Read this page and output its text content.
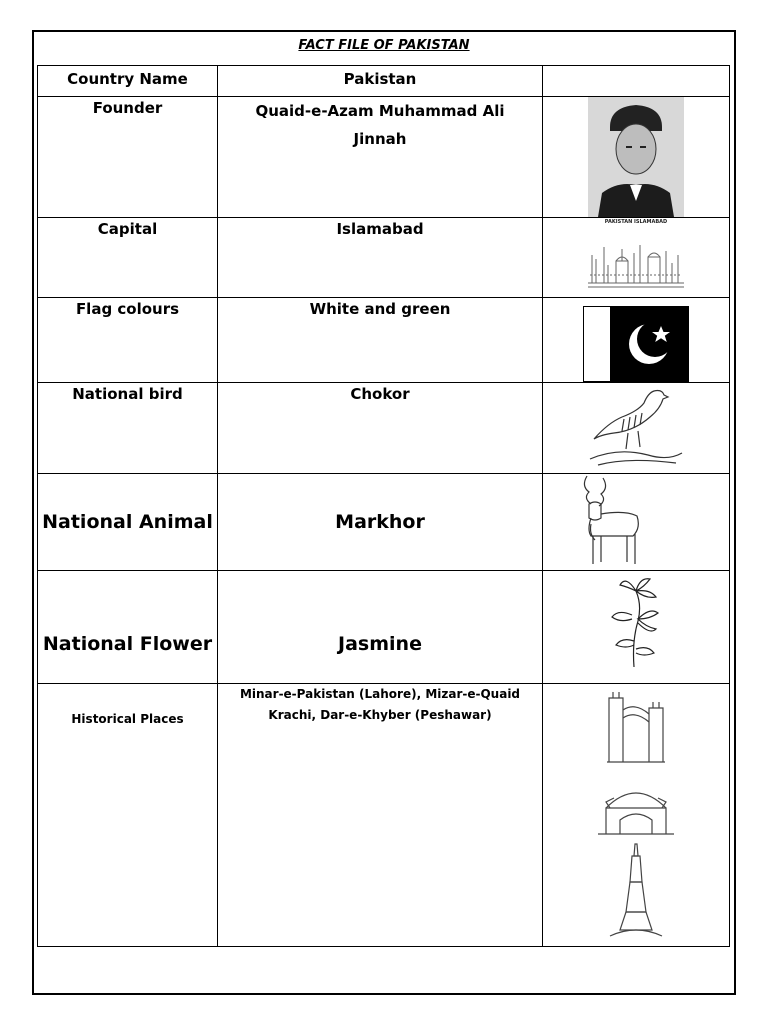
FACT FILE OF PAKISTAN
Country Name	Pakistan	
Founder	Quaid-e-Azam Muhammad Ali Jinnah	

Capital	Islamabad	PAKISTAN ISLAMABAD

Flag colours	White and green	

National bird	Chokor	

National Animal	Markhor	

National Flower	Jasmine	

Historical Places	Minar-e-Pakistan (Lahore), Mizar-e-Quaid
Krachi, Dar-e-Khyber (Peshawar)
